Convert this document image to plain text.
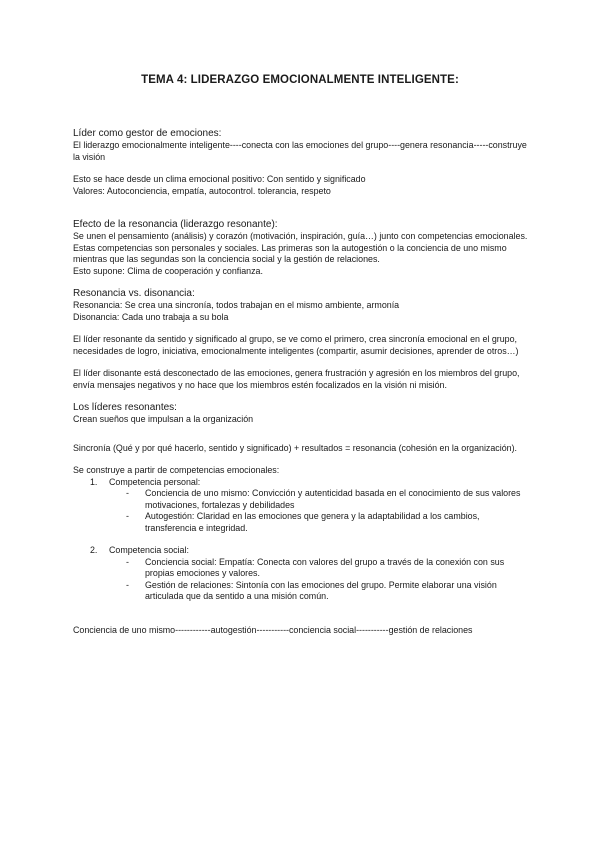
TEMA 4: LIDERAZGO EMOCIONALMENTE INTELIGENTE:

Líder como gestor de emociones:

El liderazgo emocionalmente inteligente----conecta con las emociones del grupo----genera resonancia-----construye la visión

Esto se hace desde un clima emocional positivo: Con sentido y significado

Valores: Autoconciencia, empatía, autocontrol. tolerancia, respeto

Efecto de la resonancia (liderazgo resonante):

Se unen el pensamiento (análisis) y corazón (motivación, inspiración, guía…) junto con competencias emocionales. Estas competencias son personales y sociales. Las primeras son la autogestión o la conciencia de uno mismo mientras que las segundas son la conciencia social y la gestión de relaciones.

Esto supone: Clima de cooperación y confianza.

Resonancia vs. disonancia:

Resonancia: Se crea una sincronía, todos trabajan en el mismo ambiente, armonía

Disonancia: Cada uno trabaja a su bola

El líder resonante da sentido y significado al grupo, se ve como el primero, crea sincronía emocional en el grupo, necesidades de logro, iniciativa, emocionalmente inteligentes (compartir, asumir decisiones, aprender de otros…)

El líder disonante está desconectado de las emociones, genera frustración y agresión en los miembros del grupo, envía mensajes negativos y no hace que los miembros estén focalizados en la visión ni misión.

Los líderes resonantes:

Crean sueños que impulsan a la organización

Sincronía (Qué y por qué hacerlo, sentido y significado) + resultados = resonancia (cohesión en la organización).

Se construye a partir de competencias emocionales:

1. Competencia personal:
- Conciencia de uno mismo: Convicción y autenticidad basada en el conocimiento de sus valores motivaciones, fortalezas y debilidades
- Autogestión: Claridad en las emociones que genera y la adaptabilidad a los cambios, transferencia e integridad.
2. Competencia social:
- Conciencia social: Empatía: Conecta con valores del grupo a través de la conexión con sus propias emociones y valores.
- Gestión de relaciones: Sintonía con las emociones del grupo. Permite elaborar una visión articulada que da sentido a una misión común.

Conciencia de uno mismo------------autogestión-----------conciencia social-----------gestión de relaciones
